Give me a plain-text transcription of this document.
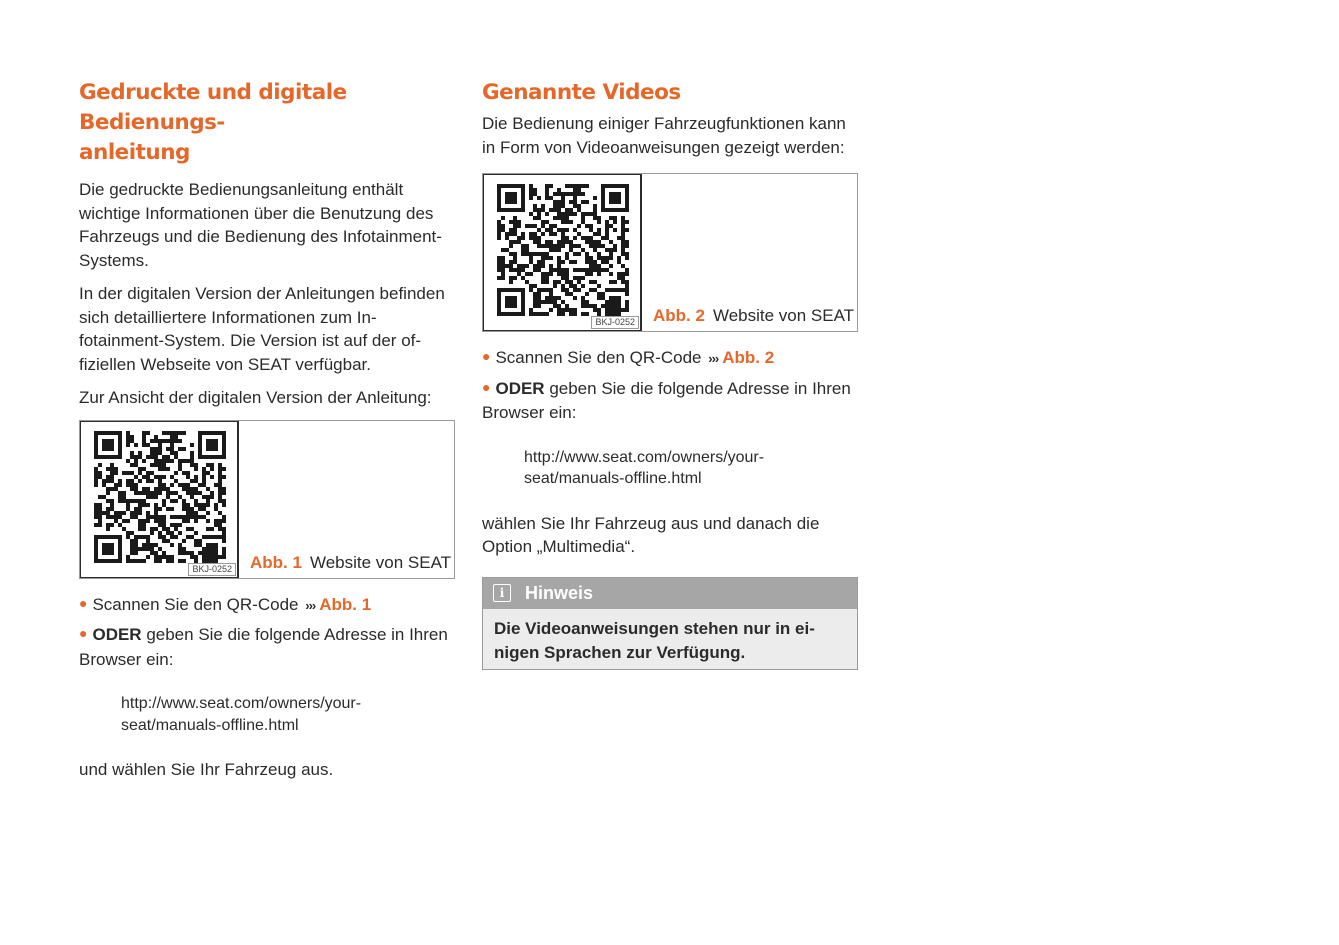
Gedruckte und digitale Bedienungs-
anleitung

Die gedruckte Bedienungsanleitung enthält wichtige Informationen über die Benutzung des Fahrzeugs und die Bedienung des Infotainment-Systems.

In der digitalen Version der Anleitungen befinden sich detailliertere Informationen zum Infotainment-System. Die Version ist auf der offiziellen Webseite von SEAT verfügbar.

Zur Ansicht der digitalen Version der Anleitung:

BKJ-0252 Abb. 1 Website von SEAT
● Scannen Sie den QR-Code ››› Abb. 1
● ODER geben Sie die folgende Adresse in Ihren Browser ein:
http://www.seat.com/owners/your-
seat/manuals-offline.html

und wählen Sie Ihr Fahrzeug aus.

Genannte Videos

Die Bedienung einiger Fahrzeugfunktionen kann in Form von Videoanweisungen gezeigt werden:

BKJ-0252 Abb. 2 Website von SEAT
● Scannen Sie den QR-Code ››› Abb. 2
● ODER geben Sie die folgende Adresse in Ihren Browser ein:
http://www.seat.com/owners/your-
seat/manuals-offline.html

wählen Sie Ihr Fahrzeug aus und danach die Option „Multimedia“.

i	Hinweis
Die Videoanweisungen stehen nur in einigen Sprachen zur Verfügung.
